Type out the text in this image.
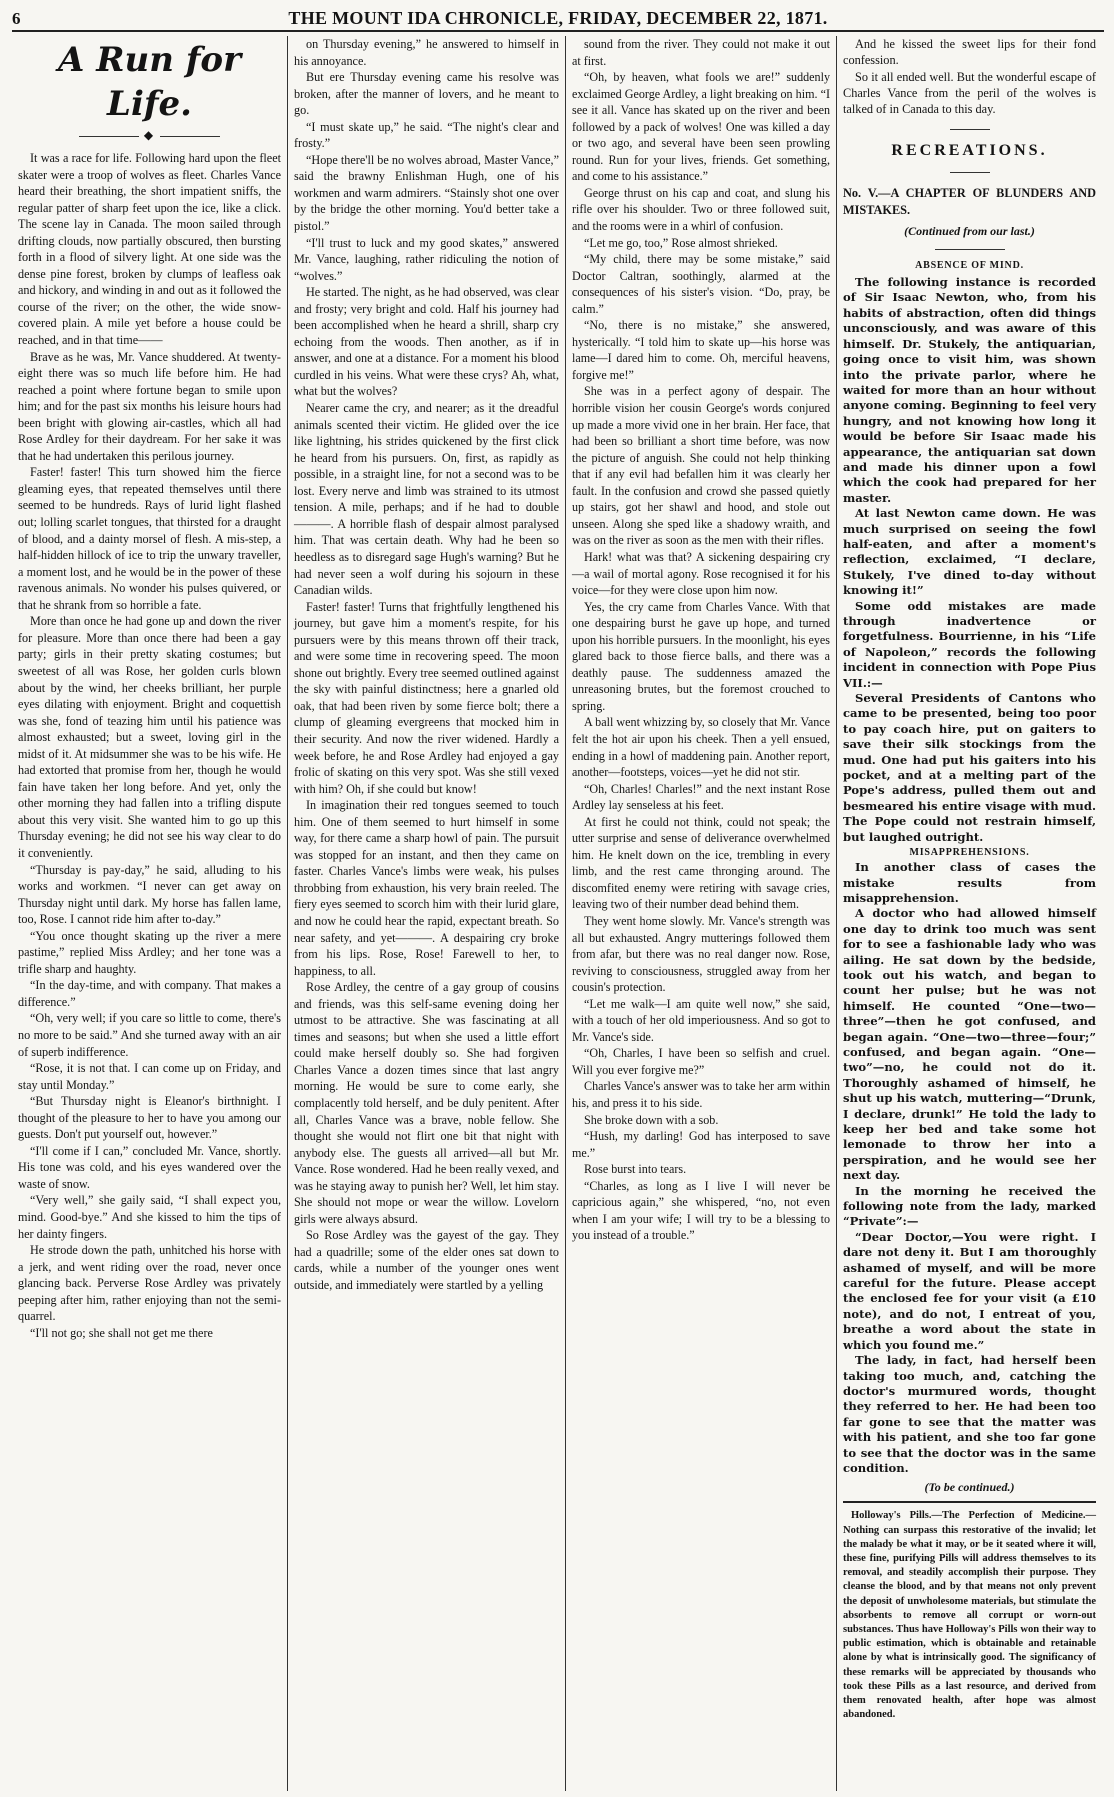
6	THE MOUNT IDA CHRONICLE, FRIDAY, DECEMBER 22, 1871.
A Run for Life.
◆

It was a race for life. Following hard upon the fleet skater were a troop of wolves as fleet. Charles Vance heard their breathing, the short impatient sniffs, the regular patter of sharp feet upon the ice, like a click. The scene lay in Canada. The moon sailed through drifting clouds, now partially obscured, then bursting forth in a flood of silvery light. At one side was the dense pine forest, broken by clumps of leafless oak and hickory, and winding in and out as it followed the course of the river; on the other, the wide snow-covered plain. A mile yet before a house could be reached, and in that time——

Brave as he was, Mr. Vance shuddered. At twenty-eight there was so much life before him. He had reached a point where fortune began to smile upon him; and for the past six months his leisure hours had been bright with glowing air-castles, which all had Rose Ardley for their daydream. For her sake it was that he had undertaken this perilous journey.

Faster! faster! This turn showed him the fierce gleaming eyes, that repeated themselves until there seemed to be hundreds. Rays of lurid light flashed out; lolling scarlet tongues, that thirsted for a draught of blood, and a dainty morsel of flesh. A mis-step, a half-hidden hillock of ice to trip the unwary traveller, a moment lost, and he would be in the power of these ravenous animals. No wonder his pulses quivered, or that he shrank from so horrible a fate.

More than once he had gone up and down the river for pleasure. More than once there had been a gay party; girls in their pretty skating costumes; but sweetest of all was Rose, her golden curls blown about by the wind, her cheeks brilliant, her purple eyes dilating with enjoyment. Bright and coquettish was she, fond of teazing him until his patience was almost exhausted; but a sweet, loving girl in the midst of it. At midsummer she was to be his wife. He had extorted that promise from her, though he would fain have taken her long before. And yet, only the other morning they had fallen into a trifling dispute about this very visit. She wanted him to go up this Thursday evening; he did not see his way clear to do it conveniently.

“Thursday is pay-day,” he said, alluding to his works and workmen. “I never can get away on Thursday night until dark. My horse has fallen lame, too, Rose. I cannot ride him after to-day.”

“You once thought skating up the river a mere pastime,” replied Miss Ardley; and her tone was a trifle sharp and haughty.

“In the day-time, and with company. That makes a difference.”

“Oh, very well; if you care so little to come, there's no more to be said.” And she turned away with an air of superb indifference.

“Rose, it is not that. I can come up on Friday, and stay until Monday.”

“But Thursday night is Eleanor's birthnight. I thought of the pleasure to her to have you among our guests. Don't put yourself out, however.”

“I'll come if I can,” concluded Mr. Vance, shortly. His tone was cold, and his eyes wandered over the waste of snow.

“Very well,” she gaily said, “I shall expect you, mind. Good-bye.” And she kissed to him the tips of her dainty fingers.

He strode down the path, unhitched his horse with a jerk, and went riding over the road, never once glancing back. Perverse Rose Ardley was privately peeping after him, rather enjoying than not the semi-quarrel.

“I'll not go; she shall not get me there

on Thursday evening,” he answered to himself in his annoyance.

But ere Thursday evening came his resolve was broken, after the manner of lovers, and he meant to go.

“I must skate up,” he said. “The night's clear and frosty.”

“Hope there'll be no wolves abroad, Master Vance,” said the brawny Enlishman Hugh, one of his workmen and warm admirers. “Stainsly shot one over by the bridge the other morning. You'd better take a pistol.”

“I'll trust to luck and my good skates,” answered Mr. Vance, laughing, rather ridiculing the notion of “wolves.”

He started. The night, as he had observed, was clear and frosty; very bright and cold. Half his journey had been accomplished when he heard a shrill, sharp cry echoing from the woods. Then another, as if in answer, and one at a distance. For a moment his blood curdled in his veins. What were these crys? Ah, what, what but the wolves?

Nearer came the cry, and nearer; as it the dreadful animals scented their victim. He glided over the ice like lightning, his strides quickened by the first click he heard from his pursuers. On, first, as rapidly as possible, in a straight line, for not a second was to be lost. Every nerve and limb was strained to its utmost tension. A mile, perhaps; and if he had to double———. A horrible flash of despair almost paralysed him. That was certain death. Why had he been so heedless as to disregard sage Hugh's warning? But he had never seen a wolf during his sojourn in these Canadian wilds.

Faster! faster! Turns that frightfully lengthened his journey, but gave him a moment's respite, for his pursuers were by this means thrown off their track, and were some time in recovering speed. The moon shone out brightly. Every tree seemed outlined against the sky with painful distinctness; here a gnarled old oak, that had been riven by some fierce bolt; there a clump of gleaming evergreens that mocked him in their security. And now the river widened. Hardly a week before, he and Rose Ardley had enjoyed a gay frolic of skating on this very spot. Was she still vexed with him? Oh, if she could but know!

In imagination their red tongues seemed to touch him. One of them seemed to hurt himself in some way, for there came a sharp howl of pain. The pursuit was stopped for an instant, and then they came on faster. Charles Vance's limbs were weak, his pulses throbbing from exhaustion, his very brain reeled. The fiery eyes seemed to scorch him with their lurid glare, and now he could hear the rapid, expectant breath. So near safety, and yet———. A despairing cry broke from his lips. Rose, Rose! Farewell to her, to happiness, to all.

Rose Ardley, the centre of a gay group of cousins and friends, was this self-same evening doing her utmost to be attractive. She was fascinating at all times and seasons; but when she used a little effort could make herself doubly so. She had forgiven Charles Vance a dozen times since that last angry morning. He would be sure to come early, she complacently told herself, and be duly penitent. After all, Charles Vance was a brave, noble fellow. She thought she would not flirt one bit that night with anybody else. The guests all arrived—all but Mr. Vance. Rose wondered. Had he been really vexed, and was he staying away to punish her? Well, let him stay. She should not mope or wear the willow. Lovelorn girls were always absurd.

So Rose Ardley was the gayest of the gay. They had a quadrille; some of the elder ones sat down to cards, while a number of the younger ones went outside, and immediately were startled by a yelling

sound from the river. They could not make it out at first.

“Oh, by heaven, what fools we are!” suddenly exclaimed George Ardley, a light breaking on him. “I see it all. Vance has skated up on the river and been followed by a pack of wolves! One was killed a day or two ago, and several have been seen prowling round. Run for your lives, friends. Get something, and come to his assistance.”

George thrust on his cap and coat, and slung his rifle over his shoulder. Two or three followed suit, and the rooms were in a whirl of confusion.

“Let me go, too,” Rose almost shrieked.

“My child, there may be some mistake,” said Doctor Caltran, soothingly, alarmed at the consequences of his sister's vision. “Do, pray, be calm.”

“No, there is no mistake,” she answered, hysterically. “I told him to skate up—his horse was lame—I dared him to come. Oh, merciful heavens, forgive me!”

She was in a perfect agony of despair. The horrible vision her cousin George's words conjured up made a more vivid one in her brain. Her face, that had been so brilliant a short time before, was now the picture of anguish. She could not help thinking that if any evil had befallen him it was clearly her fault. In the confusion and crowd she passed quietly up stairs, got her shawl and hood, and stole out unseen. Along she sped like a shadowy wraith, and was on the river as soon as the men with their rifles.

Hark! what was that? A sickening despairing cry—a wail of mortal agony. Rose recognised it for his voice—for they were close upon him now.

Yes, the cry came from Charles Vance. With that one despairing burst he gave up hope, and turned upon his horrible pursuers. In the moonlight, his eyes glared back to those fierce balls, and there was a deathly pause. The suddenness amazed the unreasoning brutes, but the foremost crouched to spring.

A ball went whizzing by, so closely that Mr. Vance felt the hot air upon his cheek. Then a yell ensued, ending in a howl of maddening pain. Another report, another—footsteps, voices—yet he did not stir.

“Oh, Charles! Charles!” and the next instant Rose Ardley lay senseless at his feet.

At first he could not think, could not speak; the utter surprise and sense of deliverance overwhelmed him. He knelt down on the ice, trembling in every limb, and the rest came thronging around. The discomfited enemy were retiring with savage cries, leaving two of their number dead behind them.

They went home slowly. Mr. Vance's strength was all but exhausted. Angry mutterings followed them from afar, but there was no real danger now. Rose, reviving to consciousness, struggled away from her cousin's protection.

“Let me walk—I am quite well now,” she said, with a touch of her old imperiousness. And so got to Mr. Vance's side.

“Oh, Charles, I have been so selfish and cruel. Will you ever forgive me?”

Charles Vance's answer was to take her arm within his, and press it to his side.

She broke down with a sob.

“Hush, my darling! God has interposed to save me.”

Rose burst into tears.

“Charles, as long as I live I will never be capricious again,” she whispered, “no, not even when I am your wife; I will try to be a blessing to you instead of a trouble.”

And he kissed the sweet lips for their fond confession.

So it all ended well. But the wonderful escape of Charles Vance from the peril of the wolves is talked of in Canada to this day.

RECREATIONS.

No. V.—A CHAPTER OF BLUNDERS AND MISTAKES.

(Continued from our last.)
ABSENCE OF MIND.

The following instance is recorded of Sir Isaac Newton, who, from his habits of abstraction, often did things unconsciously, and was aware of this himself. Dr. Stukely, the antiquarian, going once to visit him, was shown into the private parlor, where he waited for more than an hour without anyone coming. Beginning to feel very hungry, and not knowing how long it would be before Sir Isaac made his appearance, the antiquarian sat down and made his dinner upon a fowl which the cook had prepared for her master.

At last Newton came down. He was much surprised on seeing the fowl half-eaten, and after a moment's reflection, exclaimed, “I declare, Stukely, I've dined to-day without knowing it!”

Some odd mistakes are made through inadvertence or forgetfulness. Bourrienne, in his “Life of Napoleon,” records the following incident in connection with Pope Pius VII.:—

Several Presidents of Cantons who came to be presented, being too poor to pay coach hire, put on gaiters to save their silk stockings from the mud. One had put his gaiters into his pocket, and at a melting part of the Pope's address, pulled them out and besmeared his entire visage with mud. The Pope could not restrain himself, but laughed outright.

MISAPPREHENSIONS.

In another class of cases the mistake results from misapprehension.

A doctor who had allowed himself one day to drink too much was sent for to see a fashionable lady who was ailing. He sat down by the bedside, took out his watch, and began to count her pulse; but he was not himself. He counted “One—two—three”—then he got confused, and began again. “One—two—three—four;” confused, and began again. “One—two”—no, he could not do it. Thoroughly ashamed of himself, he shut up his watch, muttering—“Drunk, I declare, drunk!” He told the lady to keep her bed and take some hot lemonade to throw her into a perspiration, and he would see her next day.

In the morning he received the following note from the lady, marked “Private”:—

“Dear Doctor,—You were right. I dare not deny it. But I am thoroughly ashamed of myself, and will be more careful for the future. Please accept the enclosed fee for your visit (a £10 note), and do not, I entreat of you, breathe a word about the state in which you found me.”

The lady, in fact, had herself been taking too much, and, catching the doctor's murmured words, thought they referred to her. He had been too far gone to see that the matter was with his patient, and she too far gone to see that the doctor was in the same condition.

(To be continued.)

Holloway's Pills.—The Perfection of Medicine.—Nothing can surpass this restorative of the invalid; let the malady be what it may, or be it seated where it will, these fine, purifying Pills will address themselves to its removal, and steadily accomplish their purpose. They cleanse the blood, and by that means not only prevent the deposit of unwholesome materials, but stimulate the absorbents to remove all corrupt or worn-out substances. Thus have Holloway's Pills won their way to public estimation, which is obtainable and retainable alone by what is intrinsically good. The significancy of these remarks will be appreciated by thousands who took these Pills as a last resource, and derived from them renovated health, after hope was almost abandoned.
